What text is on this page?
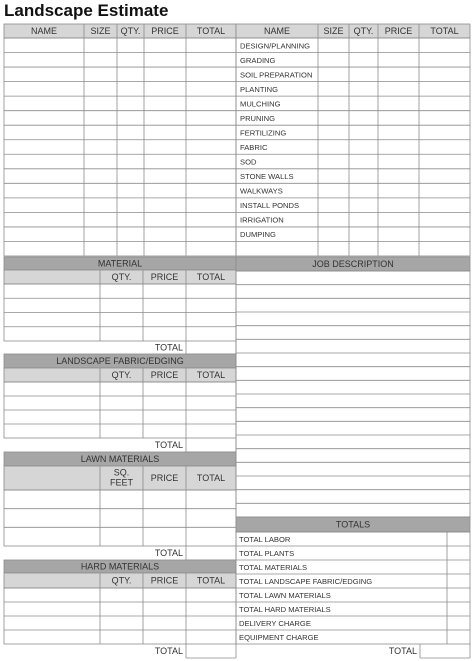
Landscape Estimate
NAME	SIZE QTY. PRICE TOTAL	NAME	SIZE QTY. PRICE TOTAL
DESIGN/PLANNING
GRADING
SOIL PREPARATION
PLANTING
MULCHING
PRUNING
FERTILIZING
FABRIC
SOD
STONE WALLS
WALKWAYS
INSTALL PONDS
IRRIGATION
DUMPING
MATERIAL
QTY. PRICE TOTAL
TOTAL
LANDSCAPE FABRIC/EDGING
QTY. PRICE TOTAL
TOTAL
LAWN MATERIALS
SQ.
FEET PRICE TOTAL
TOTAL
HARD MATERIALS
QTY. PRICE TOTAL
TOTAL
JOB DESCRIPTION
TOTALS
TOTAL LABOR
TOTAL PLANTS
TOTAL MATERIALS
TOTAL LANDSCAPE FABRIC/EDGING
TOTAL LAWN MATERIALS
TOTAL HARD MATERIALS
DELIVERY CHARGE
EQUIPMENT CHARGE
TOTAL
